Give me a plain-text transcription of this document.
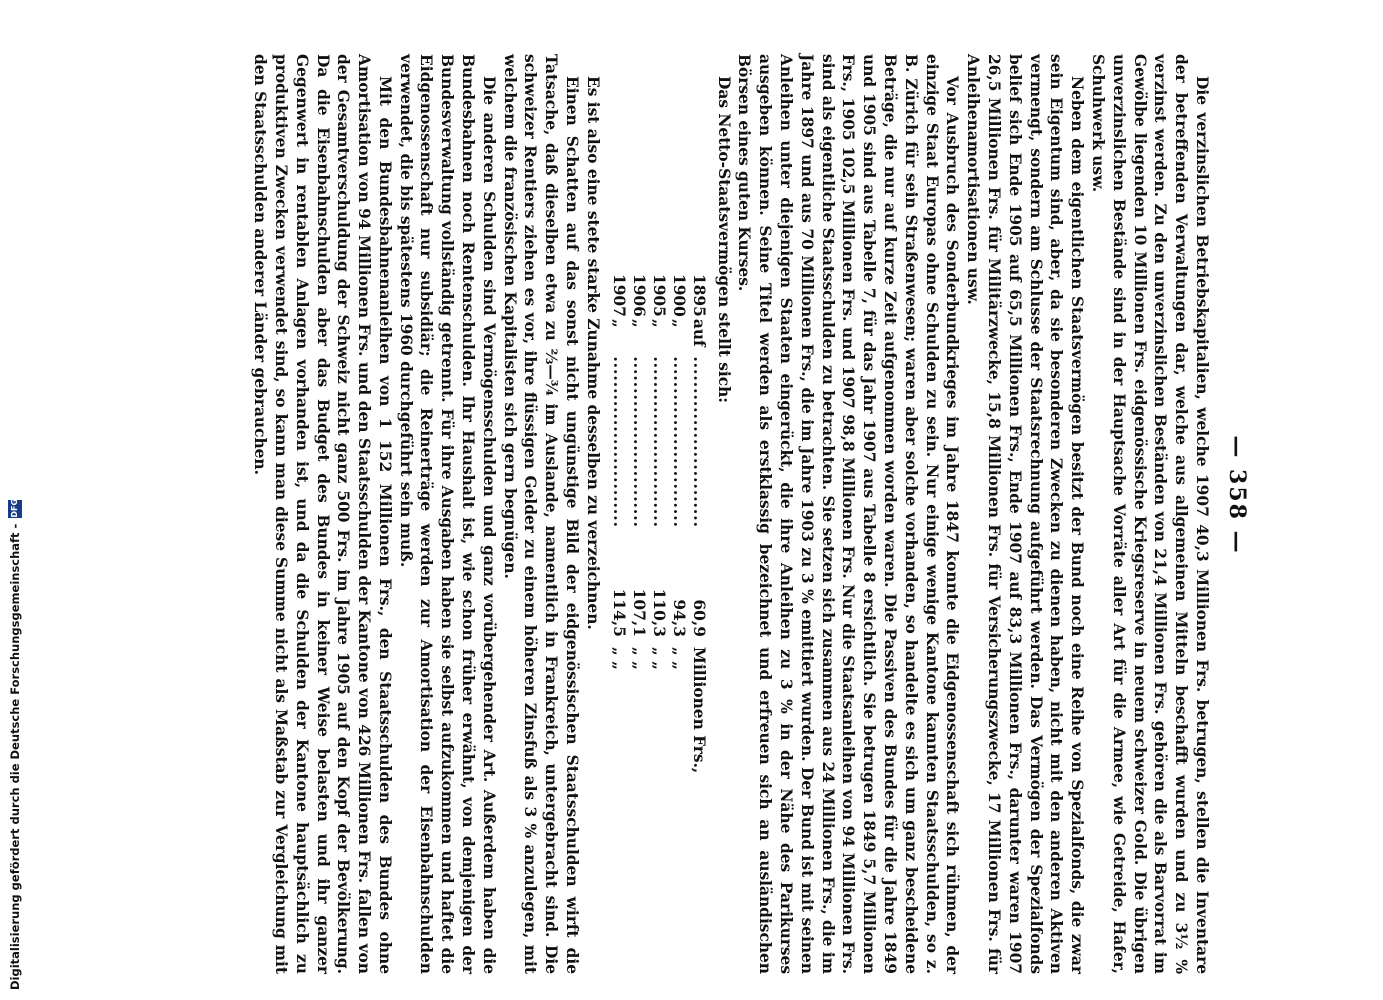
— 358 —

Die verzinslichen Betriebskapitalien, welche 1907 40,3 Millionen Frs. betrugen, stellen die Inventare der betreffenden Verwaltungen dar, welche aus allgemeinen Mitteln beschafft wurden und zu 3½ % verzinst werden. Zu den unverzinslichen Beständen von 21,4 Millionen Frs. gehören die als Barvorrat im Gewölbe liegenden 10 Millionen Frs. eidgenössische Kriegsreserve in neuem schweizer Gold. Die übrigen unverzinslichen Bestände sind in der Hauptsache Vorräte aller Art für die Armee, wie Getreide, Hafer, Schuhwerk usw.

Neben dem eigentlichen Staatsvermögen besitzt der Bund noch eine Reihe von Spezialfonds, die zwar sein Eigentum sind, aber, da sie besonderen Zwecken zu dienen haben, nicht mit den anderen Aktiven vermengt, sondern am Schlusse der Staatsrechnung aufgeführt werden. Das Vermögen der Spezialfonds belief sich Ende 1905 auf 65,5 Millionen Frs., Ende 1907 auf 83,3 Millionen Frs., darunter waren 1907 26,5 Millionen Frs. für Militärzwecke, 15,8 Millionen Frs. für Versicherungszwecke, 17 Millionen Frs. für Anleihenamortisationen usw.

Vor Ausbruch des Sonderbundkrieges im Jahre 1847 konnte die Eidgenossenschaft sich rühmen, der einzige Staat Europas ohne Schulden zu sein. Nur einige wenige Kantone kannten Staatsschulden, so z. B. Zürich für sein Straßenwesen; waren aber solche vorhanden, so handelte es sich um ganz bescheidene Beträge, die nur auf kurze Zeit aufgenommen worden waren. Die Passiven des Bundes für die Jahre 1849 und 1905 sind aus Tabelle 7, für das Jahr 1907 aus Tabelle 8 ersichtlich. Sie betrugen 1849 5,7 Millionen Frs., 1905 102,5 Millionen Frs. und 1907 98,8 Millionen Frs. Nur die Staatsanleihen von 94 Millionen Frs. sind als eigentliche Staatsschulden zu betrachten. Sie setzen sich zusammen aus 24 Millionen Frs., die im Jahre 1897 und aus 70 Millionen Frs., die im Jahre 1903 zu 3 % emittiert wurden. Der Bund ist mit seinen Anleihen unter diejenigen Staaten eingerückt, die ihre Anleihen zu 3 % in der Nähe des Parikurses ausgeben können. Seine Titel werden als erstklassig bezeichnet und erfreuen sich an ausländischen Börsen eines guten Kurses.

Das Netto-Staatsvermögen stellt sich:

1895
auf
...........................
60,9
Millionen Frs.,
1900
„
...........................
94,3
„ „
1905
„
...........................
110,3
„ „
1906
„
...........................
107,1
„ „
1907
„
...........................
114,5
„ „

Es ist also eine stete starke Zunahme desselben zu verzeichnen.

Einen Schatten auf das sonst nicht ungünstige Bild der eidgenössischen Staatsschulden wirft die Tatsache, daß dieselben etwa zu ⅔—¾ im Auslande, namentlich in Frankreich, untergebracht sind. Die schweizer Rentiers ziehen es vor, ihre flüssigen Gelder zu einem höheren Zinsfuß als 3 % anzulegen, mit welchem die französischen Kapitalisten sich gern begnügen.

Die anderen Schulden sind Vermögensschulden und ganz vorübergehender Art. Außerdem haben die Bundesbahnen noch Rentenschulden. Ihr Haushalt ist, wie schon früher erwähnt, von demjenigen der Bundesverwaltung vollständig getrennt. Für ihre Ausgaben haben sie selbst aufzukommen und haftet die Eidgenossenschaft nur subsidiär; die Reinerträge werden zur Amortisation der Eisenbahnschulden verwendet, die bis spätestens 1960 durchgeführt sein muß.

Mit den Bundesbahnenanleihen von 1 152 Millionen Frs., den Staatsschulden des Bundes ohne Amortisation von 94 Millionen Frs. und den Staatsschulden der Kantone von 426 Millionen Frs. fallen von der Gesamtverschuldung der Schweiz nicht ganz 500 Frs. im Jahre 1905 auf den Kopf der Bevölkerung. Da die Eisenbahnschulden aber das Budget des Bundes in keiner Weise belasten und ihr ganzer Gegenwert in rentablen Anlagen vorhanden ist, und da die Schulden der Kantone hauptsächlich zu produktiven Zwecken verwendet sind, so kann man diese Summe nicht als Maßstab zur Vergleichung mit den Staatsschulden anderer Länder gebrauchen.

Digitalisierung gefördert durch die Deutsche Forschungsgemeinschaft -
DFG
